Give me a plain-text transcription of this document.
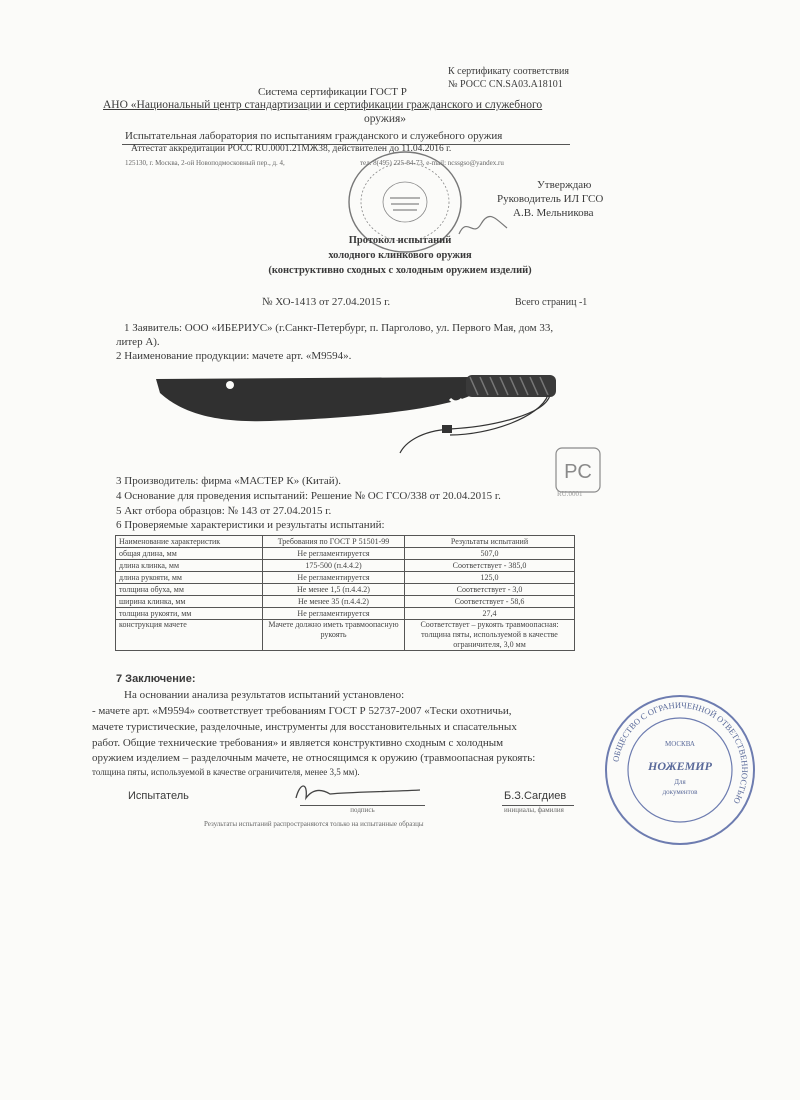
К сертификату соответствия
№ РОСС CN.SA03.A18101
Система сертификации ГОСТ Р
АНО «Национальный центр стандартизации и сертификации гражданского и служебного
оружия»
Испытательная лаборатория по испытаниям гражданского и служебного оружия
Аттестат аккредитации РОСС RU.0001.21МЖ38, действителен до 11.04.2016 г.
125130, г. Москва, 2-ой Новоподмосковный пер., д. 4,	тел. 8(495) 225-84-73, e-mail: ncssgso@yandex.ru
Утверждаю
Руководитель ИЛ ГСО
А.В. Мельникова
Протокол испытаний
холодного клинкового оружия
(конструктивно сходных с холодным оружием изделий)
№ ХО-1413 от 27.04.2015 г.	Всего страниц -1
1 Заявитель: ООО «ИБЕРИУС» (г.Санкт-Петербург, п. Парголово, ул. Первого Мая, дом 33,
литер А).
2 Наименование продукции: мачете арт. «М9594».
PC
RU.0001
3 Производитель: фирма «МАСТЕР К» (Китай).
4 Основание для проведения испытаний: Решение № ОС ГСО/338 от 20.04.2015 г.
5 Акт отбора образцов: № 143 от 27.04.2015 г.
6 Проверяемые характеристики и результаты испытаний:
Наименование характеристик	Требования по ГОСТ Р 51501-99	Результаты испытаний
общая длина, мм	Не регламентируется	507,0
длина клинка, мм	175-500 (п.4.4.2)	Соответствует - 385,0
длина рукояти, мм	Не регламентируется	125,0
толщина обуха, мм	Не менее 1,5 (п.4.4.2)	Соответствует - 3,0
ширина клинка, мм	Не менее 35 (п.4.4.2)	Соответствует - 58,6
толщина рукояти, мм	Не регламентируется	27,4
конструкция мачете	Мачете должно иметь травмоопасную рукоять	Соответствует – рукоять травмоопасная: толщина пяты, используемой в качестве ограничителя, 3,0 мм
7 Заключение:
На основании анализа результатов испытаний установлено:
- мачете арт. «М9594» соответствует требованиям ГОСТ Р 52737-2007 «Тески охотничьи,
мачете туристические, разделочные, инструменты для восстановительных и спасательных
работ. Общие технические требования» и является конструктивно сходным с холодным
оружием изделием – разделочным мачете, не относящимся к оружию (травмоопасная рукоять:
толщина пяты, используемой в качестве ограничителя, менее 3,5 мм).
Испытатель
подпись
Б.З.Сагдиев
инициалы, фамилия
Результаты испытаний распространяются только на испытанные образцы
ОБЩЕСТВО С ОГРАНИЧЕННОЙ ОТВЕТСТВЕННОСТЬЮ
МОСКВА
НОЖЕМИР
Для
документов
